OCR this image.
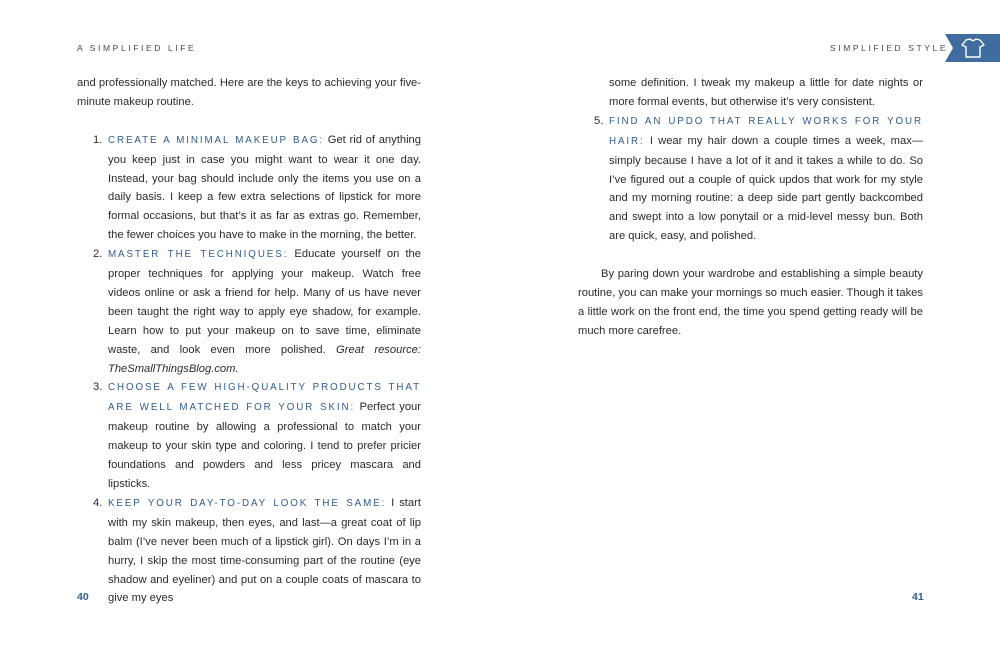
A SIMPLIFIED LIFE	SIMPLIFIED STYLE

and professionally matched. Here are the keys to achieving your five-minute makeup routine.

1. CREATE A MINIMAL MAKEUP BAG: Get rid of anything you keep just in case you might want to wear it one day. Instead, your bag should include only the items you use on a daily basis. I keep a few extra selections of lipstick for more formal occasions, but that’s it as far as extras go. Remember, the fewer choices you have to make in the morning, the better.
2. MASTER THE TECHNIQUES: Educate yourself on the proper techniques for applying your makeup. Watch free videos online or ask a friend for help. Many of us have never been taught the right way to apply eye shadow, for example. Learn how to put your makeup on to save time, eliminate waste, and look even more polished. Great resource: TheSmallThingsBlog.com.
3. CHOOSE A FEW HIGH-QUALITY PRODUCTS THAT ARE WELL MATCHED FOR YOUR SKIN: Perfect your makeup routine by allowing a professional to match your makeup to your skin type and coloring. I tend to prefer pricier foundations and powders and less pricey mascara and lipsticks.
4. KEEP YOUR DAY-TO-DAY LOOK THE SAME: I start with my skin makeup, then eyes, and last—a great coat of lip balm (I’ve never been much of a lipstick girl). On days I’m in a hurry, I skip the most time-consuming part of the routine (eye shadow and eyeliner) and put on a couple coats of mascara to give my eyes

some definition. I tweak my makeup a little for date nights or more formal events, but otherwise it’s very consistent.

5. FIND AN UPDO THAT REALLY WORKS FOR YOUR HAIR: I wear my hair down a couple times a week, max—simply because I have a lot of it and it takes a while to do. So I’ve figured out a couple of quick updos that work for my style and my morning routine: a deep side part gently backcombed and swept into a low ponytail or a mid-level messy bun. Both are quick, easy, and polished.

By paring down your wardrobe and establishing a simple beauty routine, you can make your mornings so much easier. Though it takes a little work on the front end, the time you spend getting ready will be much more carefree.

40	41
